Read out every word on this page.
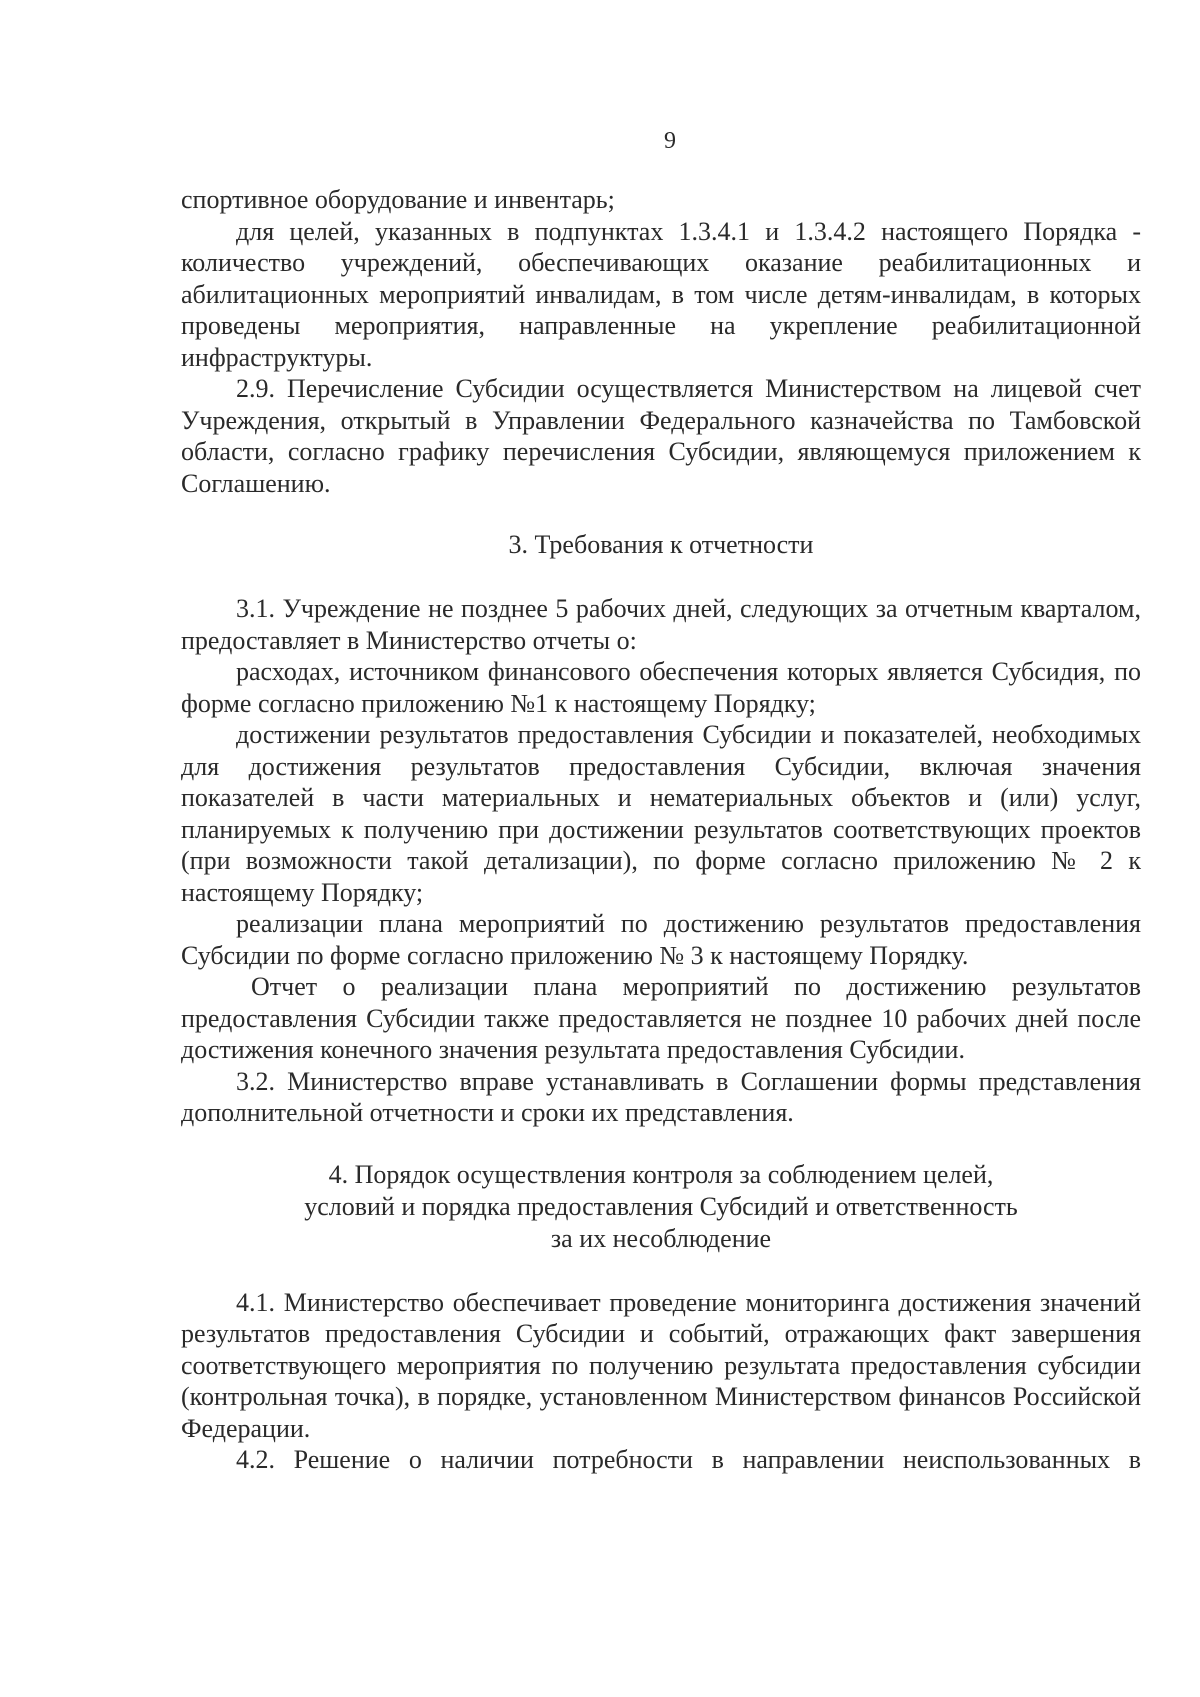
9

спортивное оборудование и инвентарь;

для целей, указанных в подпунктах 1.3.4.1 и 1.3.4.2 настоящего Порядка - количество учреждений, обеспечивающих оказание реабилитационных и абилитационных мероприятий инвалидам, в том числе детям-инвалидам, в которых проведены мероприятия, направленные на укрепление реабилитационной инфраструктуры.

2.9. Перечисление Субсидии осуществляется Министерством на лицевой счет Учреждения, открытый в Управлении Федерального казначейства по Тамбовской области, согласно графику перечисления Субсидии, являющемуся приложением к Соглашению.

3. Требования к отчетности

3.1. Учреждение не позднее 5 рабочих дней, следующих за отчетным кварталом, предоставляет в Министерство отчеты о:

расходах, источником финансового обеспечения которых является Субсидия, по форме согласно приложению №1 к настоящему Порядку;

достижении результатов предоставления Субсидии и показателей, необходимых для достижения результатов предоставления Субсидии, включая значения показателей в части материальных и нематериальных объектов и (или) услуг, планируемых к получению при достижении результатов соответствующих проектов (при возможности такой детализации), по форме согласно приложению № 2 к настоящему Порядку;

реализации плана мероприятий по достижению результатов предоставления Субсидии по форме согласно приложению № 3 к настоящему Порядку.

Отчет о реализации плана мероприятий по достижению результатов предоставления Субсидии также предоставляется не позднее 10 рабочих дней после достижения конечного значения результата предоставления Субсидии.

3.2. Министерство вправе устанавливать в Соглашении формы представления дополнительной отчетности и сроки их представления.

4. Порядок осуществления контроля за соблюдением целей,

условий и порядка предоставления Субсидий и ответственность

за их несоблюдение

4.1. Министерство обеспечивает проведение мониторинга достижения значений результатов предоставления Субсидии и событий, отражающих факт завершения соответствующего мероприятия по получению результата предоставления субсидии (контрольная точка), в порядке, установленном Министерством финансов Российской Федерации.

4.2. Решение о наличии потребности в направлении неиспользованных в
